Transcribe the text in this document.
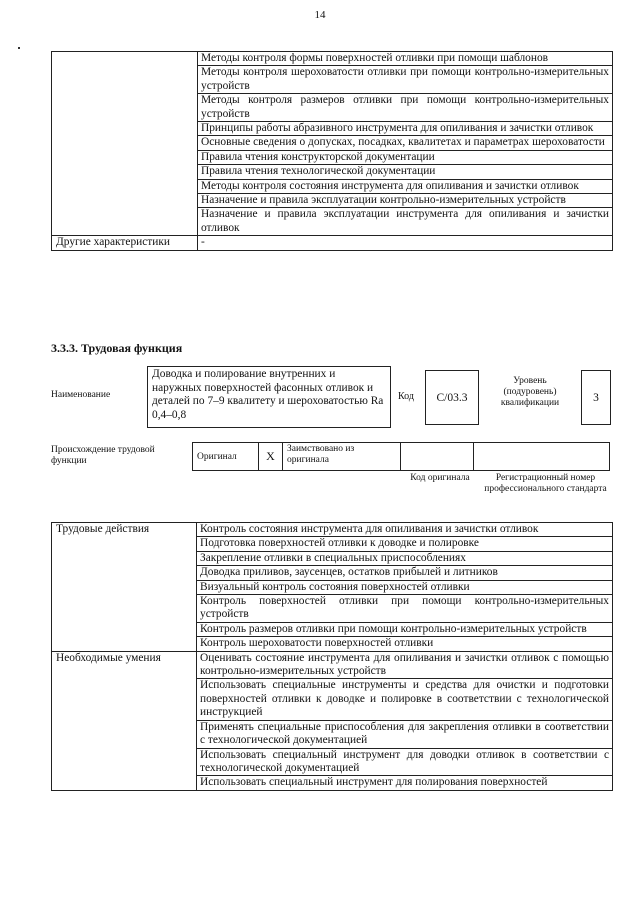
14
	Методы контроля формы поверхностей отливки при помощи шаблонов
	Методы контроля шероховатости отливки при помощи контрольно-измерительных устройств
	Методы контроля размеров отливки при помощи контрольно-измерительных устройств
	Принципы работы абразивного инструмента для опиливания и зачистки отливок
	Основные сведения о допусках, посадках, квалитетах и параметрах шероховатости
	Правила чтения конструкторской документации
	Правила чтения технологической документации
	Методы контроля состояния инструмента для опиливания и зачистки отливок
	Назначение и правила эксплуатации контрольно-измерительных устройств
	Назначение и правила эксплуатации инструмента для опиливания и зачистки отливок
Другие характеристики	-
3.3.3. Трудовая функция
Наименование
Доводка и полирование внутренних и наружных поверхностей фасонных отливок и деталей по 7–9 квалитету и шероховатостью Ra 0,4–0,8
Код	C/03.3
Уровень (подуровень) квалификации	3
Происхождение трудовой функции	Оригинал	X	Заимствовано из оригинала
Код оригинала	Регистрационный номер профессионального стандарта
Трудовые действия	Контроль состояния инструмента для опиливания и зачистки отливок
	Подготовка поверхностей отливки к доводке и полировке
	Закрепление отливки в специальных приспособлениях
	Доводка приливов, заусенцев, остатков прибылей и литников
	Визуальный контроль состояния поверхностей отливки
	Контроль поверхностей отливки при помощи контрольно-измерительных устройств
	Контроль размеров отливки при помощи контрольно-измерительных устройств
	Контроль шероховатости поверхностей отливки
Необходимые умения	Оценивать состояние инструмента для опиливания и зачистки отливок с помощью контрольно-измерительных устройств
	Использовать специальные инструменты и средства для очистки и подготовки поверхностей отливки к доводке и полировке в соответствии с технологической инструкцией
	Применять специальные приспособления для закрепления отливки в соответствии с технологической документацией
	Использовать специальный инструмент для доводки отливок в соответствии с технологической документацией
	Использовать специальный инструмент для полирования поверхностей
